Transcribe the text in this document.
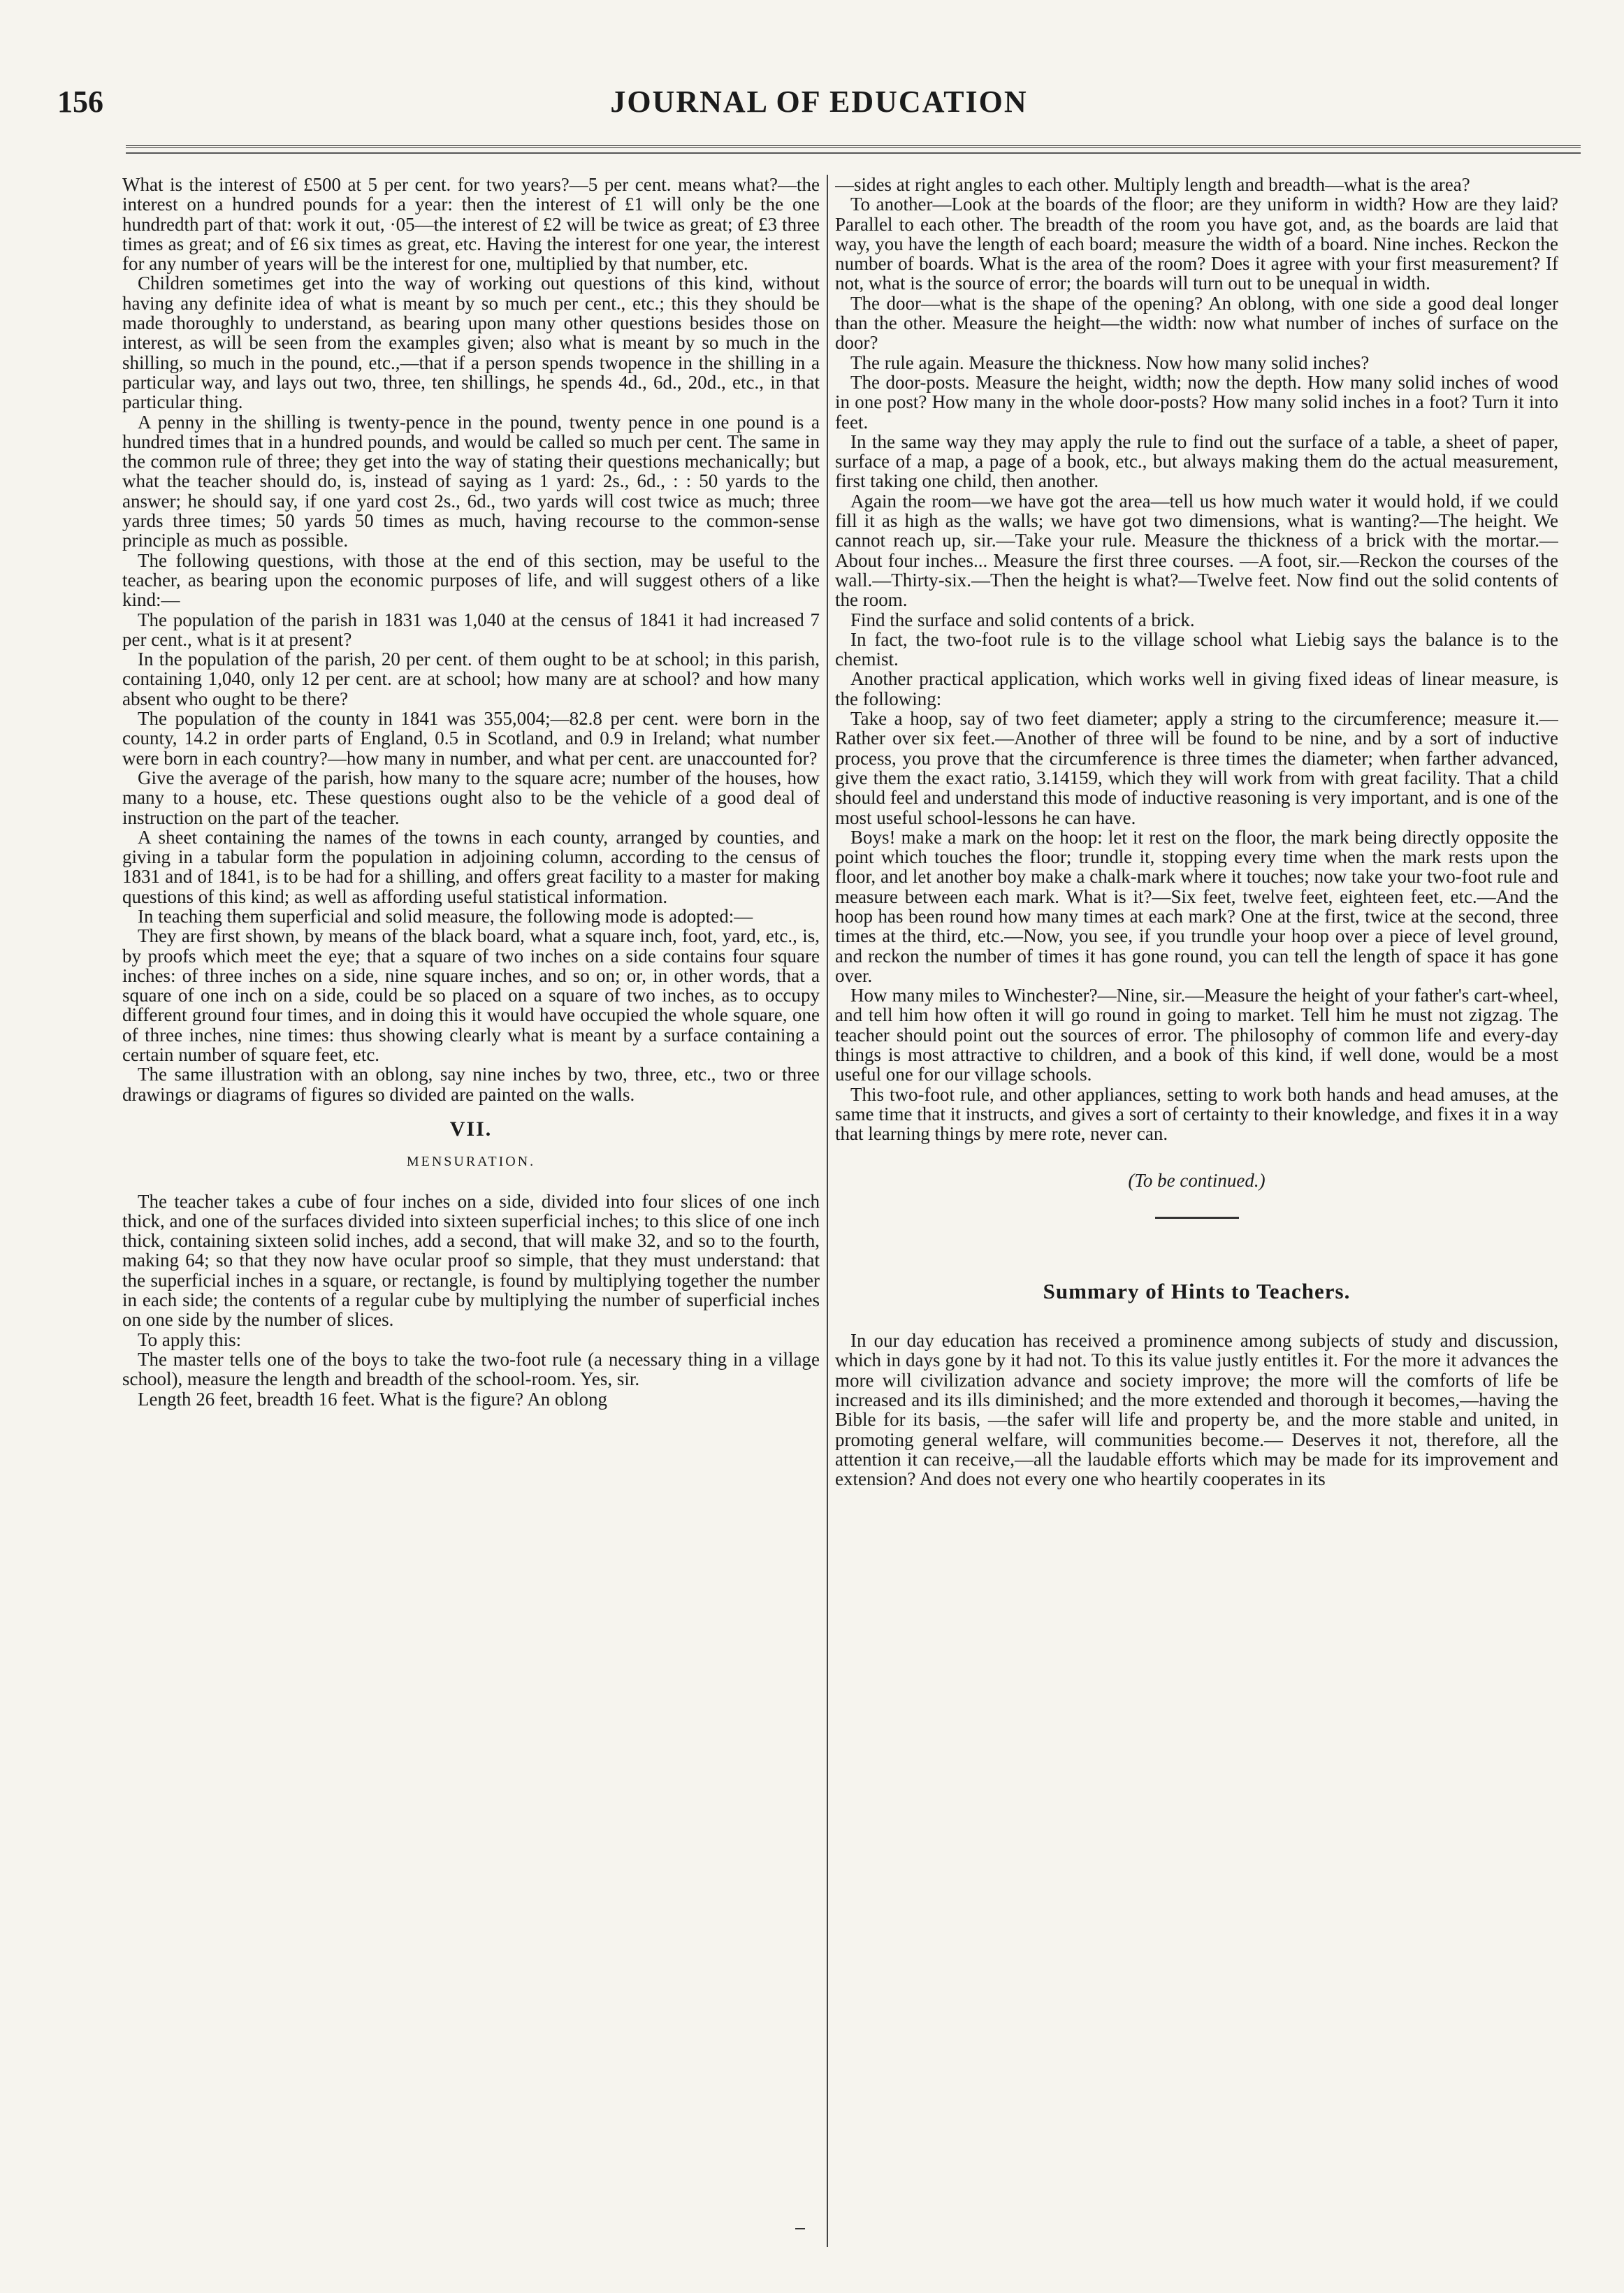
156	JOURNAL OF EDUCATION

What is the interest of £500 at 5 per cent. for two years?—5 per cent. means what?—the interest on a hundred pounds for a year: then the interest of £1 will only be the one hundredth part of that: work it out, ·05—the interest of £2 will be twice as great; of £3 three times as great; and of £6 six times as great, etc. Having the interest for one year, the interest for any number of years will be the interest for one, multiplied by that number, etc.

Children sometimes get into the way of working out questions of this kind, without having any definite idea of what is meant by so much per cent., etc.; this they should be made thoroughly to understand, as bearing upon many other questions besides those on interest, as will be seen from the examples given; also what is meant by so much in the shilling, so much in the pound, etc.,—that if a person spends twopence in the shilling in a particular way, and lays out two, three, ten shillings, he spends 4d., 6d., 20d., etc., in that particular thing.

A penny in the shilling is twenty-pence in the pound, twenty pence in one pound is a hundred times that in a hundred pounds, and would be called so much per cent. The same in the common rule of three; they get into the way of stating their questions mechanically; but what the teacher should do, is, instead of saying as 1 yard: 2s., 6d., : : 50 yards to the answer; he should say, if one yard cost 2s., 6d., two yards will cost twice as much; three yards three times; 50 yards 50 times as much, having recourse to the common-sense principle as much as possible.

The following questions, with those at the end of this section, may be useful to the teacher, as bearing upon the economic purposes of life, and will suggest others of a like kind:—

The population of the parish in 1831 was 1,040 at the census of 1841 it had increased 7 per cent., what is it at present?

In the population of the parish, 20 per cent. of them ought to be at school; in this parish, containing 1,040, only 12 per cent. are at school; how many are at school? and how many absent who ought to be there?

The population of the county in 1841 was 355,004;—82.8 per cent. were born in the county, 14.2 in order parts of England, 0.5 in Scotland, and 0.9 in Ireland; what number were born in each country?—how many in number, and what per cent. are unaccounted for?

Give the average of the parish, how many to the square acre; number of the houses, how many to a house, etc. These questions ought also to be the vehicle of a good deal of instruction on the part of the teacher.

A sheet containing the names of the towns in each county, arranged by counties, and giving in a tabular form the population in adjoining column, according to the census of 1831 and of 1841, is to be had for a shilling, and offers great facility to a master for making questions of this kind; as well as affording useful statistical information.

In teaching them superficial and solid measure, the following mode is adopted:—

They are first shown, by means of the black board, what a square inch, foot, yard, etc., is, by proofs which meet the eye; that a square of two inches on a side contains four square inches: of three inches on a side, nine square inches, and so on; or, in other words, that a square of one inch on a side, could be so placed on a square of two inches, as to occupy different ground four times, and in doing this it would have occupied the whole square, one of three inches, nine times: thus showing clearly what is meant by a surface containing a certain number of square feet, etc.

The same illustration with an oblong, say nine inches by two, three, etc., two or three drawings or diagrams of figures so divided are painted on the walls.

VII.
MENSURATION.

The teacher takes a cube of four inches on a side, divided into four slices of one inch thick, and one of the surfaces divided into sixteen superficial inches; to this slice of one inch thick, containing sixteen solid inches, add a second, that will make 32, and so to the fourth, making 64; so that they now have ocular proof so simple, that they must understand: that the superficial inches in a square, or rectangle, is found by multiplying together the number in each side; the contents of a regular cube by multiplying the number of superficial inches on one side by the number of slices.

To apply this:

The master tells one of the boys to take the two-foot rule (a necessary thing in a village school), measure the length and breadth of the school-room. Yes, sir.

Length 26 feet, breadth 16 feet. What is the figure? An oblong

—sides at right angles to each other. Multiply length and breadth—what is the area?

To another—Look at the boards of the floor; are they uniform in width? How are they laid? Parallel to each other. The breadth of the room you have got, and, as the boards are laid that way, you have the length of each board; measure the width of a board. Nine inches. Reckon the number of boards. What is the area of the room? Does it agree with your first measurement? If not, what is the source of error; the boards will turn out to be unequal in width.

The door—what is the shape of the opening? An oblong, with one side a good deal longer than the other. Measure the height—the width: now what number of inches of surface on the door?

The rule again. Measure the thickness. Now how many solid inches?

The door-posts. Measure the height, width; now the depth. How many solid inches of wood in one post? How many in the whole door-posts? How many solid inches in a foot? Turn it into feet.

In the same way they may apply the rule to find out the surface of a table, a sheet of paper, surface of a map, a page of a book, etc., but always making them do the actual measurement, first taking one child, then another.

Again the room—we have got the area—tell us how much water it would hold, if we could fill it as high as the walls; we have got two dimensions, what is wanting?—The height. We cannot reach up, sir.—Take your rule. Measure the thickness of a brick with the mortar.—About four inches... Measure the first three courses. —A foot, sir.—Reckon the courses of the wall.—Thirty-six.—Then the height is what?—Twelve feet. Now find out the solid contents of the room.

Find the surface and solid contents of a brick.

In fact, the two-foot rule is to the village school what Liebig says the balance is to the chemist.

Another practical application, which works well in giving fixed ideas of linear measure, is the following:

Take a hoop, say of two feet diameter; apply a string to the circumference; measure it.—Rather over six feet.—Another of three will be found to be nine, and by a sort of inductive process, you prove that the circumference is three times the diameter; when farther advanced, give them the exact ratio, 3.14159, which they will work from with great facility. That a child should feel and understand this mode of inductive reasoning is very important, and is one of the most useful school-lessons he can have.

Boys! make a mark on the hoop: let it rest on the floor, the mark being directly opposite the point which touches the floor; trundle it, stopping every time when the mark rests upon the floor, and let another boy make a chalk-mark where it touches; now take your two-foot rule and measure between each mark. What is it?—Six feet, twelve feet, eighteen feet, etc.—And the hoop has been round how many times at each mark? One at the first, twice at the second, three times at the third, etc.—Now, you see, if you trundle your hoop over a piece of level ground, and reckon the number of times it has gone round, you can tell the length of space it has gone over.

How many miles to Winchester?—Nine, sir.—Measure the height of your father's cart-wheel, and tell him how often it will go round in going to market. Tell him he must not zigzag. The teacher should point out the sources of error. The philosophy of common life and every-day things is most attractive to children, and a book of this kind, if well done, would be a most useful one for our village schools.

This two-foot rule, and other appliances, setting to work both hands and head amuses, at the same time that it instructs, and gives a sort of certainty to their knowledge, and fixes it in a way that learning things by mere rote, never can.

(To be continued.)
Summary of Hints to Teachers.

In our day education has received a prominence among subjects of study and discussion, which in days gone by it had not. To this its value justly entitles it. For the more it advances the more will civilization advance and society improve; the more will the comforts of life be increased and its ills diminished; and the more extended and thorough it becomes,—having the Bible for its basis, —the safer will life and property be, and the more stable and united, in promoting general welfare, will communities become.— Deserves it not, therefore, all the attention it can receive,—all the laudable efforts which may be made for its improvement and extension? And does not every one who heartily cooperates in its
